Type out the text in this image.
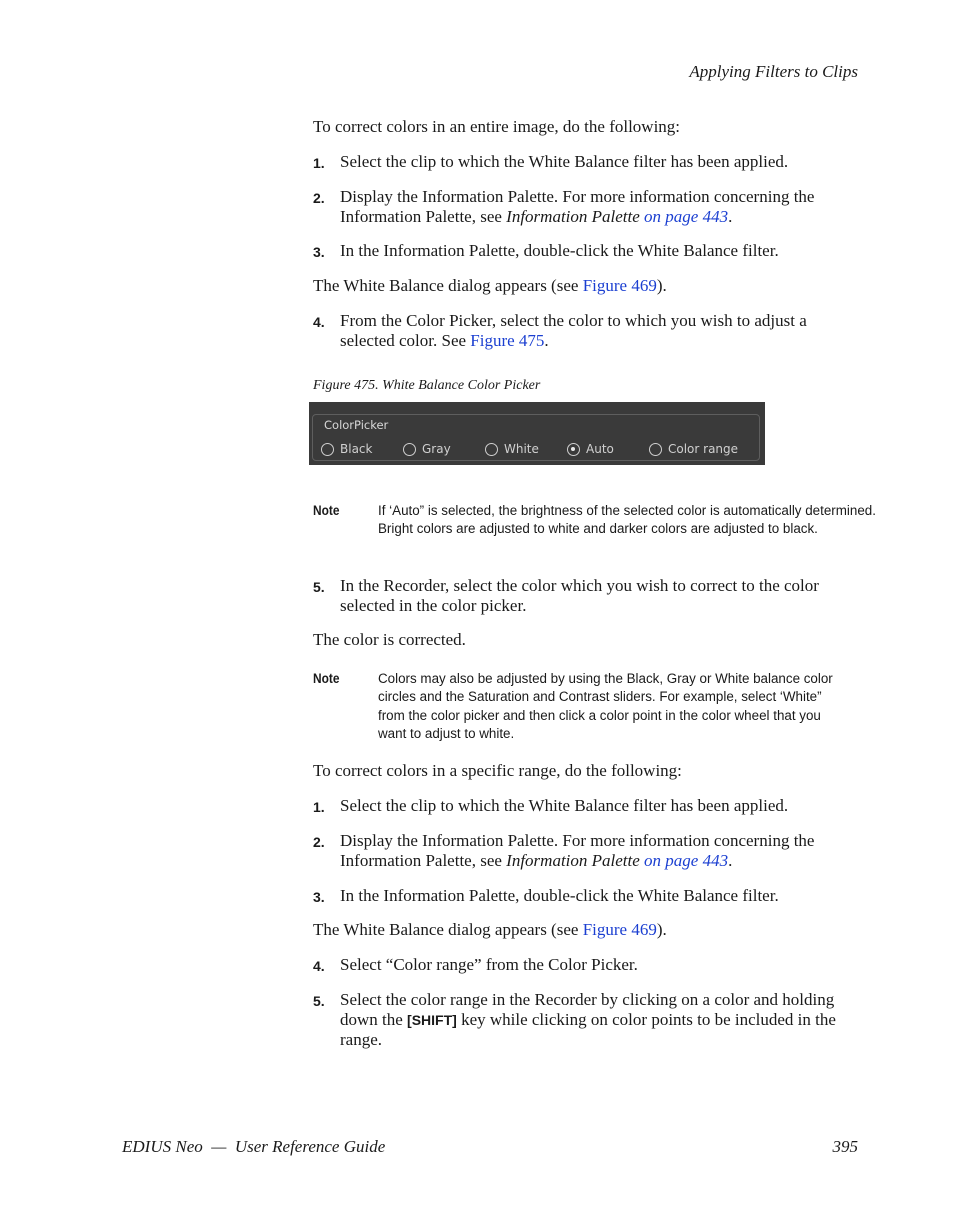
Applying Filters to Clips
To correct colors in an entire image, do the following:
1. Select the clip to which the White Balance filter has been applied.
2. Display the Information Palette. For more information concerning the Information Palette, see Information Palette on page 443.
3. In the Information Palette, double-click the White Balance filter.
The White Balance dialog appears (see Figure 469).
4. From the Color Picker, select the color to which you wish to adjust a selected color. See Figure 475.
Figure 475. White Balance Color Picker
ColorPicker
Black	Gray	White	Auto	Color range
Note	If ‘Auto” is selected, the brightness of the selected color is automatically determined. Bright colors are adjusted to white and darker colors are adjusted to black.
5. In the Recorder, select the color which you wish to correct to the color selected in the color picker.
The color is corrected.
Note	Colors may also be adjusted by using the Black, Gray or White balance color circles and the Saturation and Contrast sliders. For example, select ‘White” from the color picker and then click a color point in the color wheel that you want to adjust to white.
To correct colors in a specific range, do the following:
1. Select the clip to which the White Balance filter has been applied.
2. Display the Information Palette. For more information concerning the Information Palette, see Information Palette on page 443.
3. In the Information Palette, double-click the White Balance filter.
The White Balance dialog appears (see Figure 469).
4. Select “Color range” from the Color Picker.
5. Select the color range in the Recorder by clicking on a color and holding down the [SHIFT] key while clicking on color points to be included in the range.
EDIUS Neo  —  User Reference Guide	395
